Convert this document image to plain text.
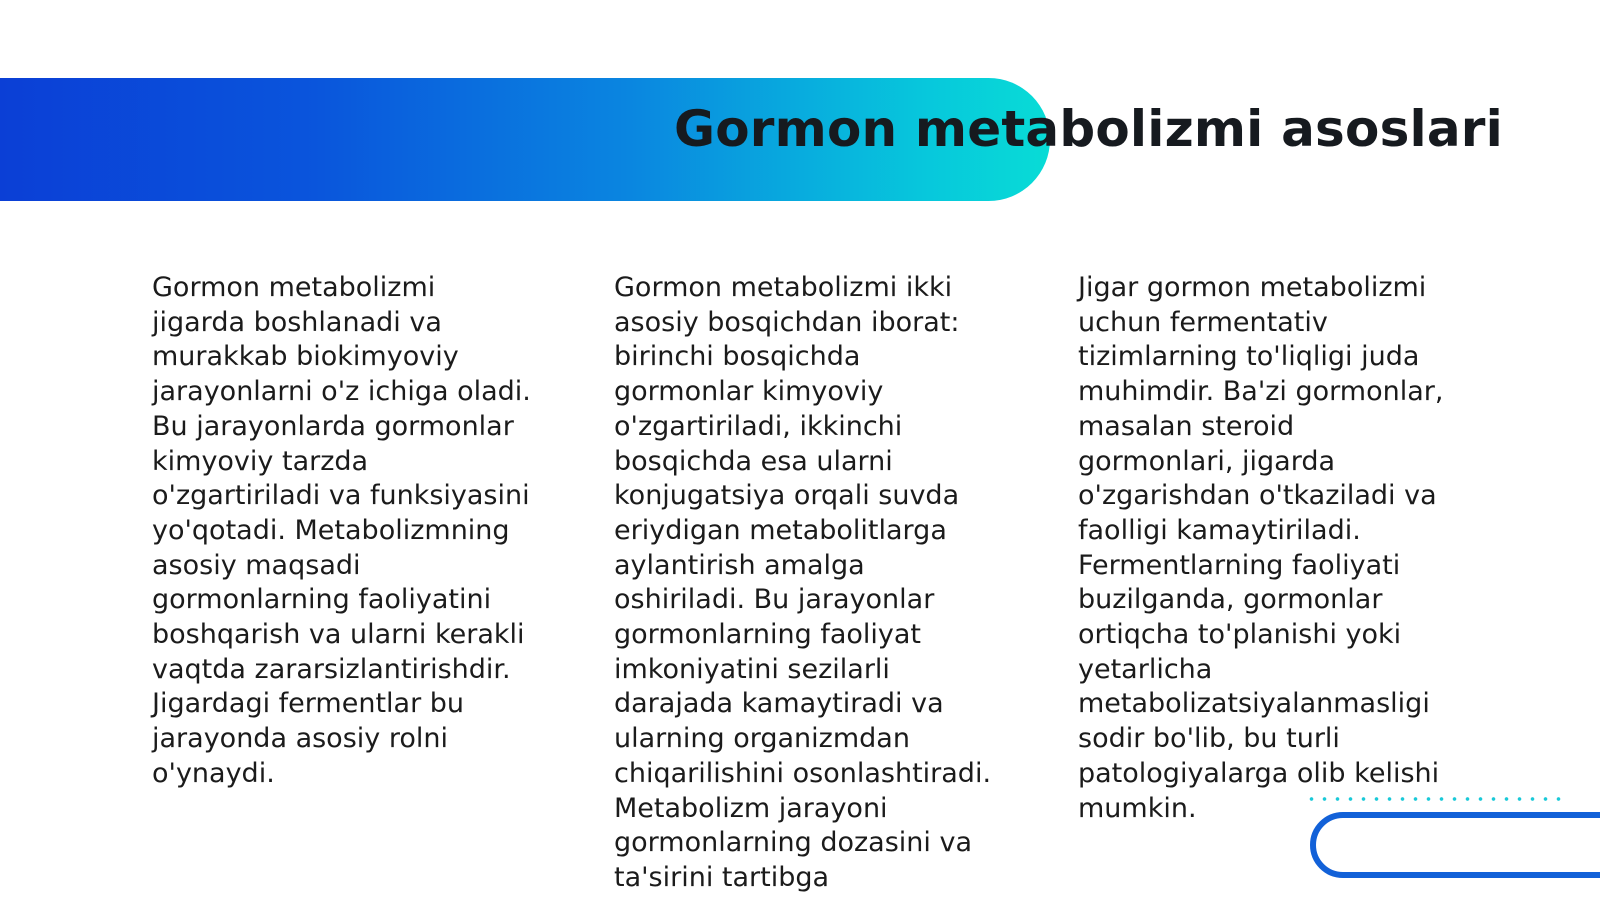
Gormon metabolizmi asoslari

Gormon metabolizmi jigarda boshlanadi va murakkab biokimyoviy jarayonlarni o'z ichiga oladi. Bu jarayonlarda gormonlar kimyoviy tarzda o'zgartiriladi va funksiyasini yo'qotadi. Metabolizmning asosiy maqsadi gormonlarning faoliyatini boshqarish va ularni kerakli vaqtda zararsizlantirishdir. Jigardagi fermentlar bu jarayonda asosiy rolni o'ynaydi.

Gormon metabolizmi ikki asosiy bosqichdan iborat: birinchi bosqichda gormonlar kimyoviy o'zgartiriladi, ikkinchi bosqichda esa ularni konjugatsiya orqali suvda eriydigan metabolitlarga aylantirish amalga oshiriladi. Bu jarayonlar gormonlarning faoliyat imkoniyatini sezilarli darajada kamaytiradi va ularning organizmdan chiqarilishini osonlashtiradi. Metabolizm jarayoni gormonlarning dozasini va ta'sirini tartibga

Jigar gormon metabolizmi uchun fermentativ tizimlarning to'liqligi juda muhimdir. Ba'zi gormonlar, masalan steroid gormonlari, jigarda o'zgarishdan o'tkaziladi va faolligi kamaytiriladi. Fermentlarning faoliyati buzilganda, gormonlar ortiqcha to'planishi yoki yetarlicha metabolizatsiyalanmasligi sodir bo'lib, bu turli patologiyalarga olib kelishi mumkin.
